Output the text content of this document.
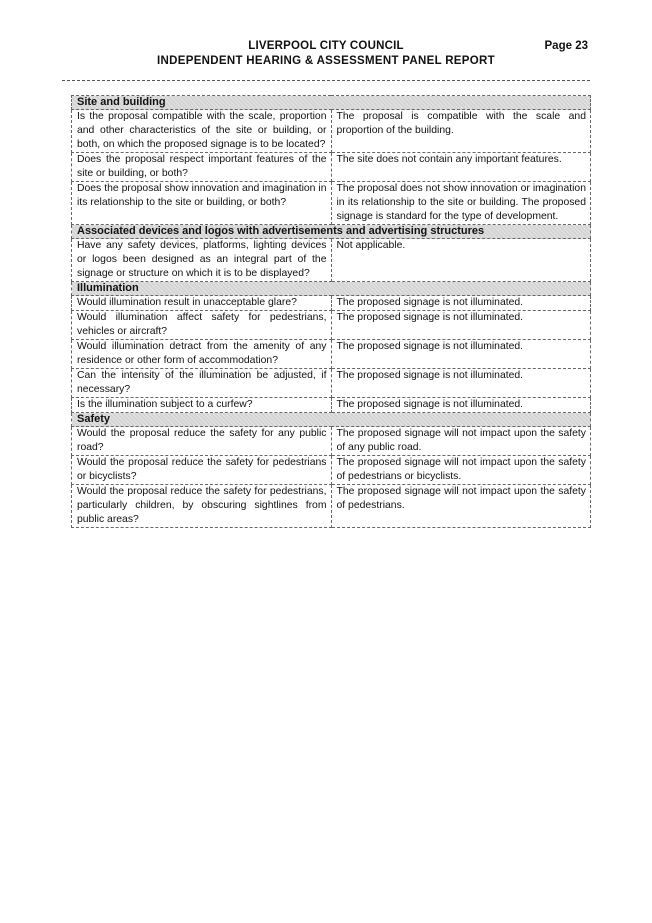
LIVERPOOL CITY COUNCIL
INDEPENDENT HEARING & ASSESSMENT PANEL REPORT
Page 23
Site and building	
Is the proposal compatible with the scale, proportion and other characteristics of the site or building, or both, on which the proposed signage is to be located?	The proposal is compatible with the scale and proportion of the building.
Does the proposal respect important features of the site or building, or both?	The site does not contain any important features.
Does the proposal show innovation and imagination in its relationship to the site or building, or both?	The proposal does not show innovation or imagination in its relationship to the site or building. The proposed signage is standard for the type of development.
Associated devices and logos with advertisements and advertising structures	
Have any safety devices, platforms, lighting devices or logos been designed as an integral part of the signage or structure on which it is to be displayed?	Not applicable.
Illumination	
Would illumination result in unacceptable glare?	The proposed signage is not illuminated.
Would illumination affect safety for pedestrians, vehicles or aircraft?	The proposed signage is not illuminated.
Would illumination detract from the amenity of any residence or other form of accommodation?	The proposed signage is not illuminated.
Can the intensity of the illumination be adjusted, if necessary?	The proposed signage is not illuminated.
Is the illumination subject to a curfew?	The proposed signage is not illuminated.
Safety	
Would the proposal reduce the safety for any public road?	The proposed signage will not impact upon the safety of any public road.
Would the proposal reduce the safety for pedestrians or bicyclists?	The proposed signage will not impact upon the safety of pedestrians or bicyclists.
Would the proposal reduce the safety for pedestrians, particularly children, by obscuring sightlines from public areas?	The proposed signage will not impact upon the safety of pedestrians.
